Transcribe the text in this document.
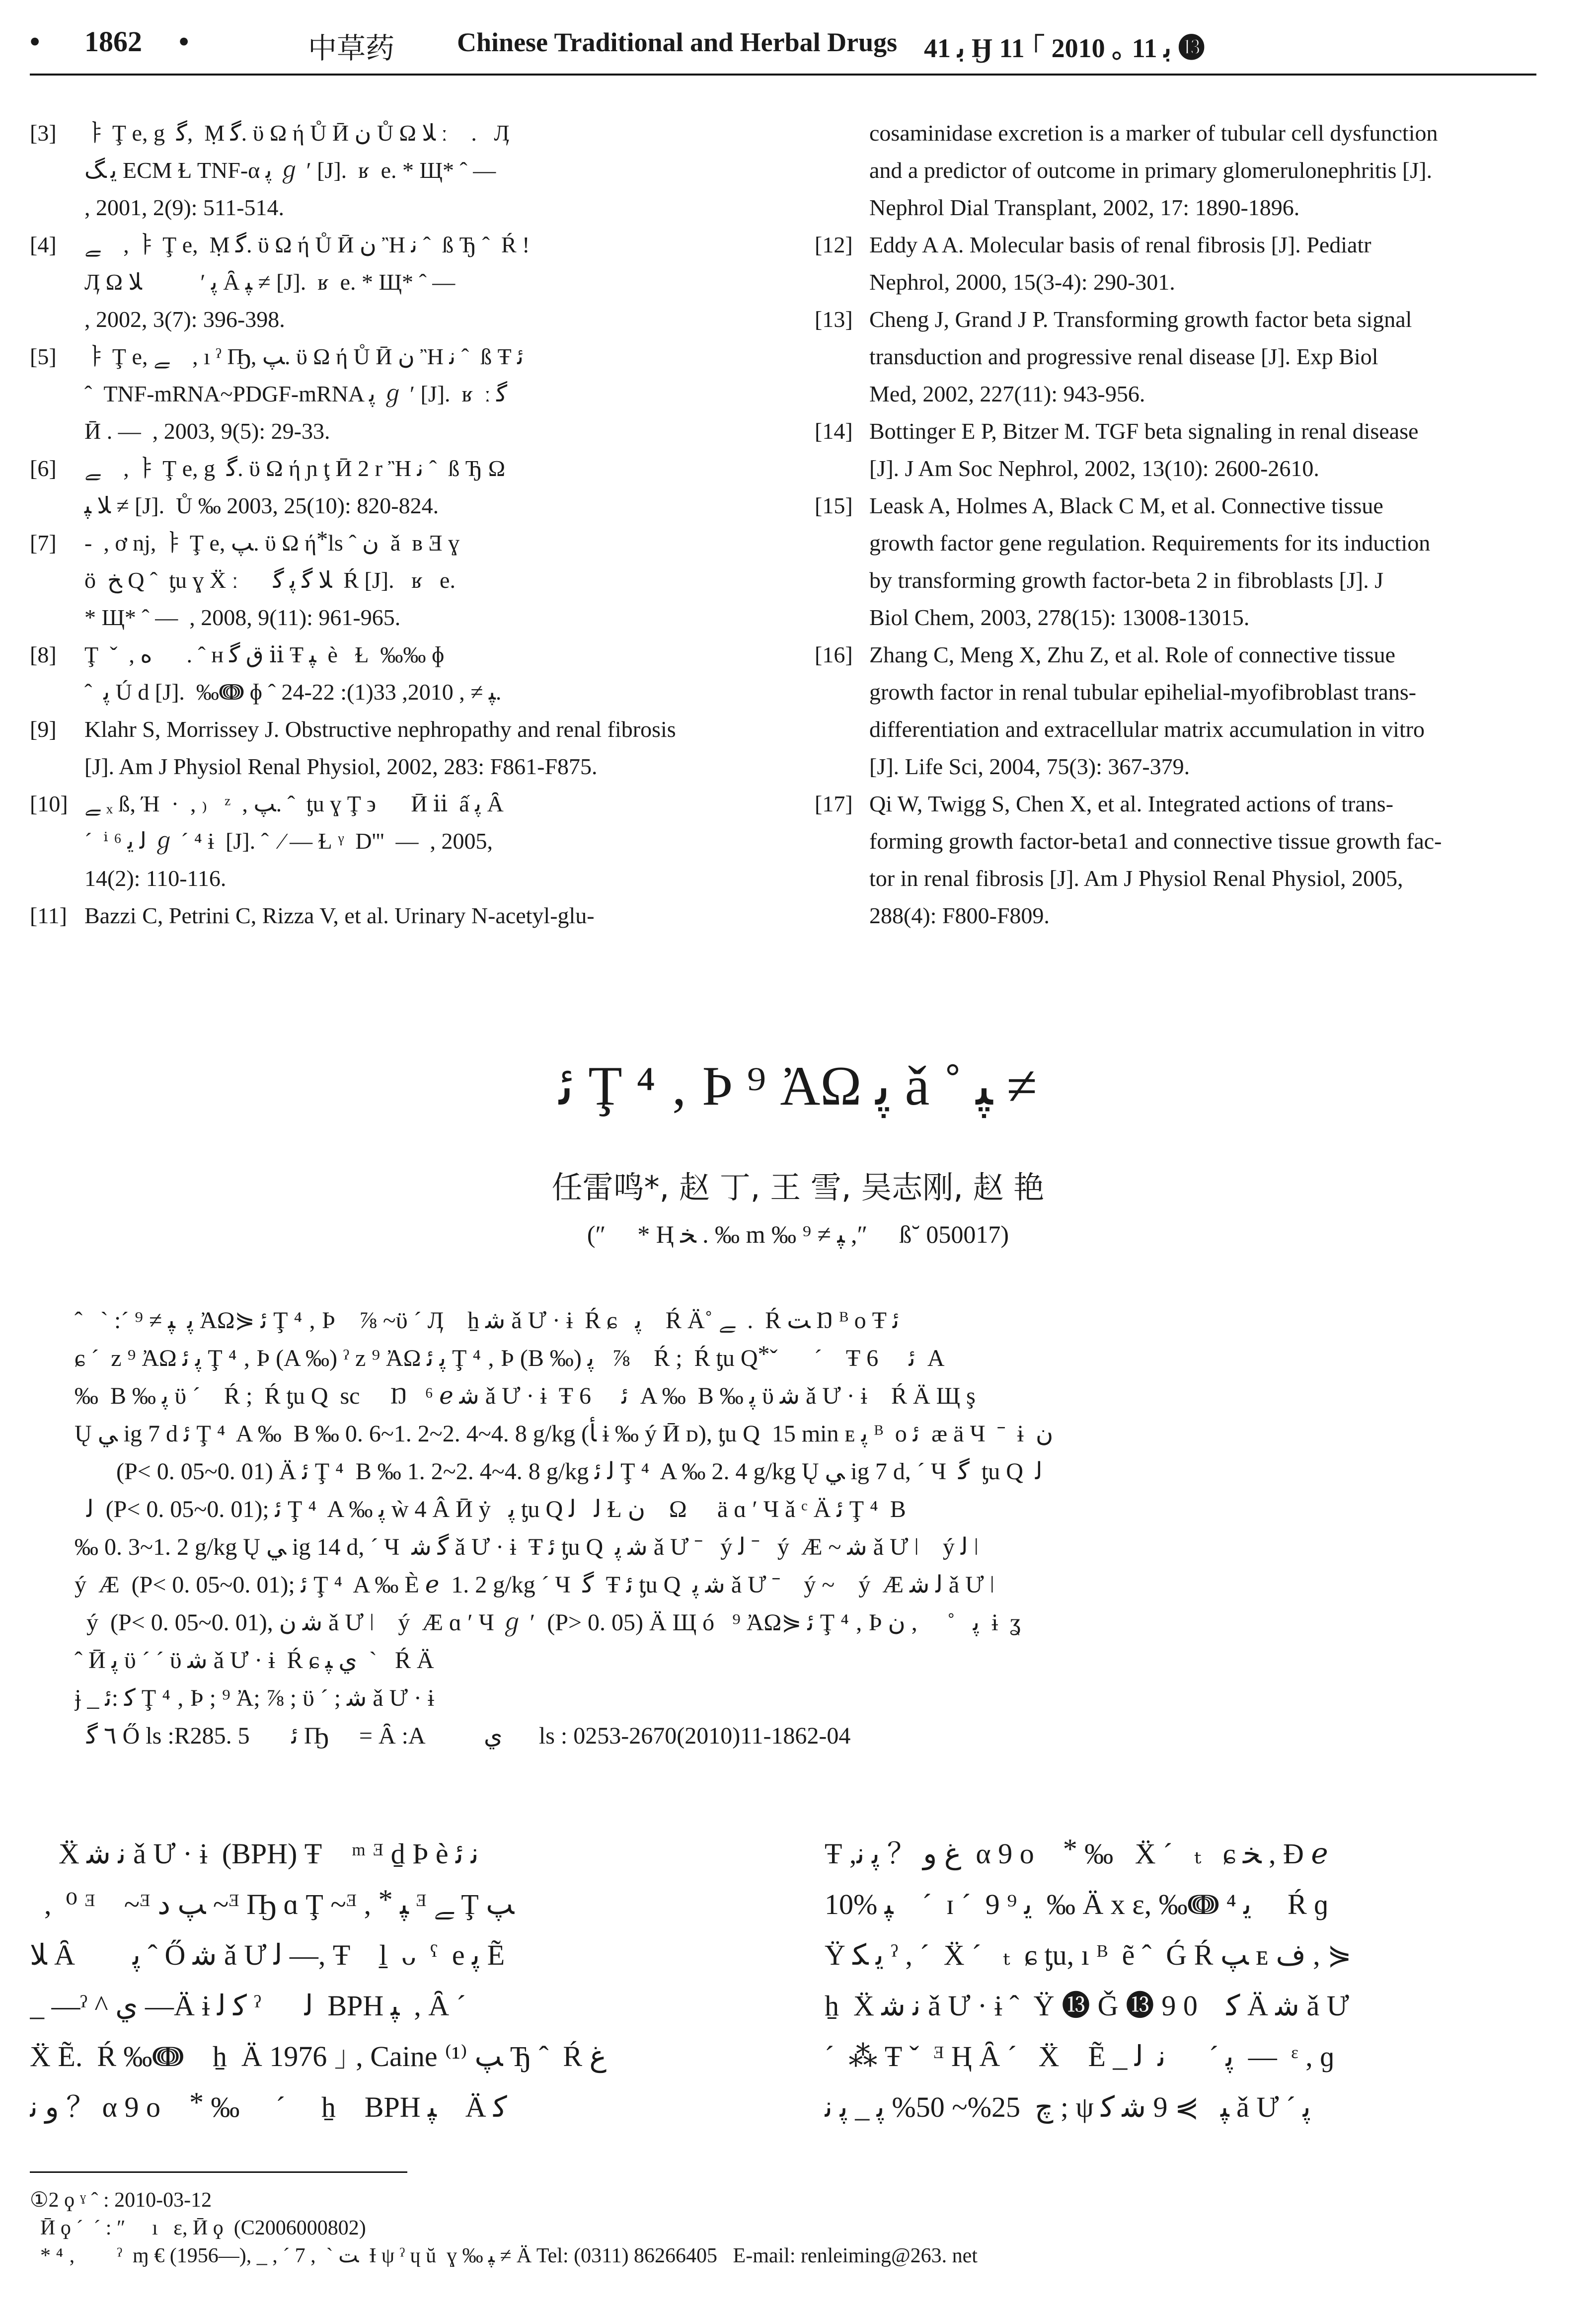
• 1862 •	中草药 Chinese Traditional and Herbal Drugs ﺑ 41 Ӈ ﺑ 11 ｡ 2010 ｣ 11 ⓭
[3]	ￄ Ţ e, g  ﮔ,  Ṃ ﮔ. ϋ Ω ή Ů Ӣ ﻥ Ů Ω ﻼ ː ⃞.   Ӆ
ﯾ ﮓ ECM Ɫ TNF-α ﭘ ℊ ʹ [J].  ʁ  e. * Щ* ˆ —
, 2001, 2(9): 511-514.
[4]	ﮯ    , ￄ Ţ e,  Ṃ ﮔ. ϋ Ω ή Ů Ӣ ﻥ Ἢ ﻧ ˆ  ß Ђ ˆ  Ŕ ǃ
Ӆ Ω ﻼ  ⃞ ℊ ʹ ﭘ Ȃ ﭙ ≠ [J].  ʁ  e. * Щ* ˆ —
, 2002, 3(7): 396-398.
[5]	ￄ Ţ e, ﮯ    , ı ˀ Ҧ, ﭗ. ϋ Ω ή Ů Ӣ ﻥ Ἢ ﻧ ˆ  ß Ŧ ﺋ
ˆ  TNF-mRNA~PDGF-mRNA ﭘ ℊ ʹ [J].  ʁ  ː ﮔ
Ӣ . —  , 2003, 9(5): 29-33.
[6]	ﮯ    , ￄ Ţ e, g  ﮔ. ϋ Ω ή ɲ ţ Ӣ 2 r Ἢ ﻧ ˆ  ß Ђ Ω
ﻼ ﭙ ≠ [J].  Ů ‰ 2003, 25(10): 820-824.
[7]	-  , ơ nj, ￄ Ţ e, ﭗ. ϋ Ω ή ⃰ ls ˆ ﻥ  ǎ  ʙ Ǝ ɣ
ö  ﺦ Q ˆ  ƫu ɣ Ẍ ː ⃞  ﻼ ﮔ ﭘ ﮔ  Ŕ [J].   ʁ   e.
* Щ* ˆ —  , 2008, 9(11): 961-965.
[8]	Ţ  ˇ  , ﻩ      . ˆ ʜ ﻕ ﮔ ⅱ Ŧ ﭙ  è   Ɫ  ‰‰ ɸ
ˆ  ﭘ Ú d [J].  ‰ↈ ɸ ˆ ﭙ ≠ , 2010, 33(1): 22-24.
[9]	Klahr S, Morrissey J. Obstructive nephropathy and renal fibrosis
[J]. Am J Physiol Renal Physiol, 2002, 283: F861-F875.
[10] ﮯ ₓ ß, Ή  ·  , ₎   ᶻ  , ﭗ. ˆ  ƫu ɣ Ţ ϶  ⃞ Ӣ ⅱ  ấ ﭘ Ȃ
ˊ  ⁱ ⁶ ﻟ ﯾ ℊ ˊ ⁴ ɨ  [J]. ˆ  ⁄ — Ɫ ᵞ  D'''  —  , 2005,
14(2): 110-116.
[11] Bazzi C, Petrini C, Rizza V, et al. Urinary N-acetyl-glu-
cosaminidase excretion is a marker of tubular cell dysfunction
and a predictor of outcome in primary glomerulonephritis [J].
Nephrol Dial Transplant, 2002, 17: 1890-1896.
[12] Eddy A A. Molecular basis of renal fibrosis [J]. Pediatr
Nephrol, 2000, 15(3-4): 290-301.
[13] Cheng J, Grand J P. Transforming growth factor beta signal
transduction and progressive renal disease [J]. Exp Biol
Med, 2002, 227(11): 943-956.
[14] Bottinger E P, Bitzer M. TGF beta signaling in renal disease
[J]. J Am Soc Nephrol, 2002, 13(10): 2600-2610.
[15] Leask A, Holmes A, Black C M, et al. Connective tissue
growth factor gene regulation. Requirements for its induction
by transforming growth factor-beta 2 in fibroblasts [J]. J
Biol Chem, 2003, 278(15): 13008-13015.
[16] Zhang C, Meng X, Zhu Z, et al. Role of connective tissue
growth factor in renal tubular epihelial-myofibroblast trans-
differentiation and extracellular matrix accumulation in vitro
[J]. Life Sci, 2004, 75(3): 367-379.
[17] Qi W, Twigg S, Chen X, et al. Integrated actions of trans-
forming growth factor-beta1 and connective tissue growth fac-
tor in renal fibrosis [J]. Am J Physiol Renal Physiol, 2005,
288(4): F800-F809.
ﺋ Ţ ⁴ ‚ Ϸ ⁹ ἈΩ ﭘ ǎ ˚ ﭙ ≠
任雷鸣*, 赵 丁, 王 雪, 吴志刚, 赵 艳
(″ ⃞ * Ң ﺨ . ‰ m ‰ ﭙ ≠ ⁹ ,″ ⃞ ß˘ 050017)
ˆ   ˋ :ˊ ﭘ  ﭙ ≠ ⁹ ἈΩ⋟ ﺋ Ţ ⁴ ‚ Ϸ    ⅞ ~ϋ ˊ Ӆ    ẖ ﺷ ǎ Ư · ɨ  Ŕ ɕ   ﭘ    Ŕ Ä˚ ﮯ  .  Ŕ ﺖ Ŋ ᴮ ᴏ Ŧ ﺋ ⃞
ɕ ˊ  z ⁹ ἈΩ ﭘ ﺋ Ţ ⁴ ‚ Ϸ (A ‰) ˀ z ⁹ ἈΩ ﭘ ﺋ Ţ ⁴ ‚ Ϸ (B ‰) ﭘ   ⅞    Ŕ ;  Ŕ ƫu Q ⃰ ˇ  ⃞ ˊ    Ŧ ﺋ ⃞ 6  A
‰  B ‰ ﭘ ϋ ˊ    Ŕ ;  Ŕ ƫu Q  sc ⃞ Ŋ   ⁶ ℯ ﺷ ǎ Ư · ɨ  Ŧ ﺋ ⃞ 6  A ‰  B ‰ ﭘ ϋ ﺷ ǎ Ư · ɨ    Ŕ Ä Щ ş
Ų ﻲ ig 7 d ﺋ Ţ ⁴  A ‰  B ‰ 0. 6~1. 2~2. 4~4. 8 g/kg (ﺄ ɨ ‰ ý Ӣ ᴅ), ƫu Q  15 min ᴇ ﭘ ᴮ  ᴏ ﺋ  æ ä Ч  ˉ  ɨ  ﻥ
(P< 0. 05~0. 01) Ä ﺋ Ţ ⁴  B ‰ 1. 2~2. 4~4. 8 g/kg ﻟ ﺋ Ţ ⁴  A ‰ 2. 4 g/kg Ų ﻲ ig 7 d, ˊ Ч  ﮔ  ƫu Q  ﻟ
ﻟ  (P< 0. 05~0. 01); ﺋ Ţ ⁴  A ‰ ﭘ ẁ 4 Â Ӣ ẏ   ﭘ ƫu Q ﻟ   ﻟ Ɫ ﻥ    Ω ⃞ ä ɑ ʹ Ч ǎ ᶜ Ä ﺋ Ţ ⁴  B
‰ 0. 3~1. 2 g/kg Ų ﻲ ig 14 d, ˊ Ч  ﮔ ﺷ ǎ Ư · ɨ  Ŧ ﺋ ƫu Q  ﺷ ﭘ ǎ Ư ˉ   ý ﻟ ˉ   ý  Æ ~ ﺷ ǎ Ư ǀ    ý ﻟ ǀ
ý  Æ  (P< 0. 05~0. 01); ﺋ Ţ ⁴  A ‰ È ℯ  1. 2 g/kg ˊ Ч  ﮔ  Ŧ ﺋ ƫu Q  ﺷ ﭘ ǎ Ư ˉ    ý ~    ý  Æ ﻟ ﺷ ǎ Ư ǀ
ý  (P< 0. 05~0. 01), ﺷ ﻥ ǎ Ư ǀ    ý  Æ ɑ ʹ Ч ℊ ʹ  (P> 0. 05) Ä Щ ó   ⁹ ἈΩ⋟ ﺋ Ţ ⁴ ‚ Ϸ ﭘ   ˚     , ﻥ  ɨ  ʓ
ˆ Ӣ ﭘ ϋ ˊ ˊ ϋ ﺷ ǎ Ư · ɨ  Ŕ ɕ ﻱ ﭙ  ˋ   Ŕ Ä
ɉ _ ﮐ :ﺋ Ţ ⁴ ‚ Ϸ ; ⁹ Ἀ; ⅞ ; ϋ ˊ ; ﺷ ǎ Ư · ɨ
٦ ﮔ Ő ls :R285. 5       ﺋ Ҧ ⃞ = Ȃ :A          ﻱ  ⃞ ls : 0253-2670(2010)11-1862-04
Ẍ ﻧ ﺷ ǎ Ư · ɨ  (BPH) Ŧ ⃞ᵐ ᴲ ḏ Þ è ﻧ ﺋ
,  ⁰ ᴲ    ~ᴲ ﭗ ﺩ ~ᴲ Ҧ ɑ Ţ ~ᴲ ,  ⃰  ﭙ ᴲ ﮯ Ţ ﭗ
ﻼ Ȃ        ﭘ ˆ Ő ﺷ ǎ Ư ﻟ —, Ŧ    ḻ  ᴗ  ˤ  e ﭘ Ẽ
_ —ˀ ^ ﻱ —Ä ɨ ﮐ ﻟ ˀ      ﻟ  BPH ﭙ  , Ȃ ˊ
Ẍ Ẽ.  Ŕ ‰ↈ    ẖ  Ä 1976 ｣ , Caine ﭗ ⁽¹⁾ Ђ ˆ  Ŕ ﻍ
ﻭ ﻧ ？ α 9 ᴏ     ⃰  ‰     ˊ     ẖ    BPH ﭙ    Ä ﮐ
Ŧ ,ﻍ ﻭ ？ ﭘ ﻧ  α 9 ᴏ     ⃰  ‰   Ẍ ˊ   ₜ   ɕ ﺨ , Ɖ ℯ
10% ﭙ    ˊ  ɪ ˊ  9 ﻳ ⁹  ‰ Ä x ɛ, ‰ↈ ⁴ ﯾ     Ŕ ɡ
Ÿ ﻳ ﮑ ˀ , ˊ  Ẍ ˊ   ₜ  ɕ ƫu, ı ᴮ  ẽ ˆ  Ǵ Ŕ ﭗ ᴇ ﻑ , ⋟
ẖ  Ẍ ﻧ ﺷ ǎ Ư · ɨ ˆ  Ÿ ⓭ Ǧ ⓭ 9 ﮐ    0 Ä ﺷ ǎ Ư
ˊ  ⁂ Ŧ ˇ  ᴲ Ң Ȃ ˊ   Ẍ    Ẽ _ ﭘ ˊ      ﻧ  ﻟ  —  ᵋ , ɡ
ﭺ  25%~ 50% ﭘ _ ﭘ ﻧ ; ψ ﭙ   ⋟ 9 ﺷ ﮐ ǎ Ư ˊ ﭘ
①2 ϙ ˠ ˆ : 2010-03-12
Ӣ ϙ ˊ  ˊ : ″ ⃞ ı   ɛ, Ӣ ϙ  (C2006000802)
* ⁴ ‚        ˀ  ɱ € (1956—), _ , ˊ 7 ,  ˋ ﺖ  Ɨ ψ ˀ ɥ ŭ  ɣ ‰ ﭙ ≠ Ä Tel: (0311) 86266405   E-mail: renleiming@263. net
